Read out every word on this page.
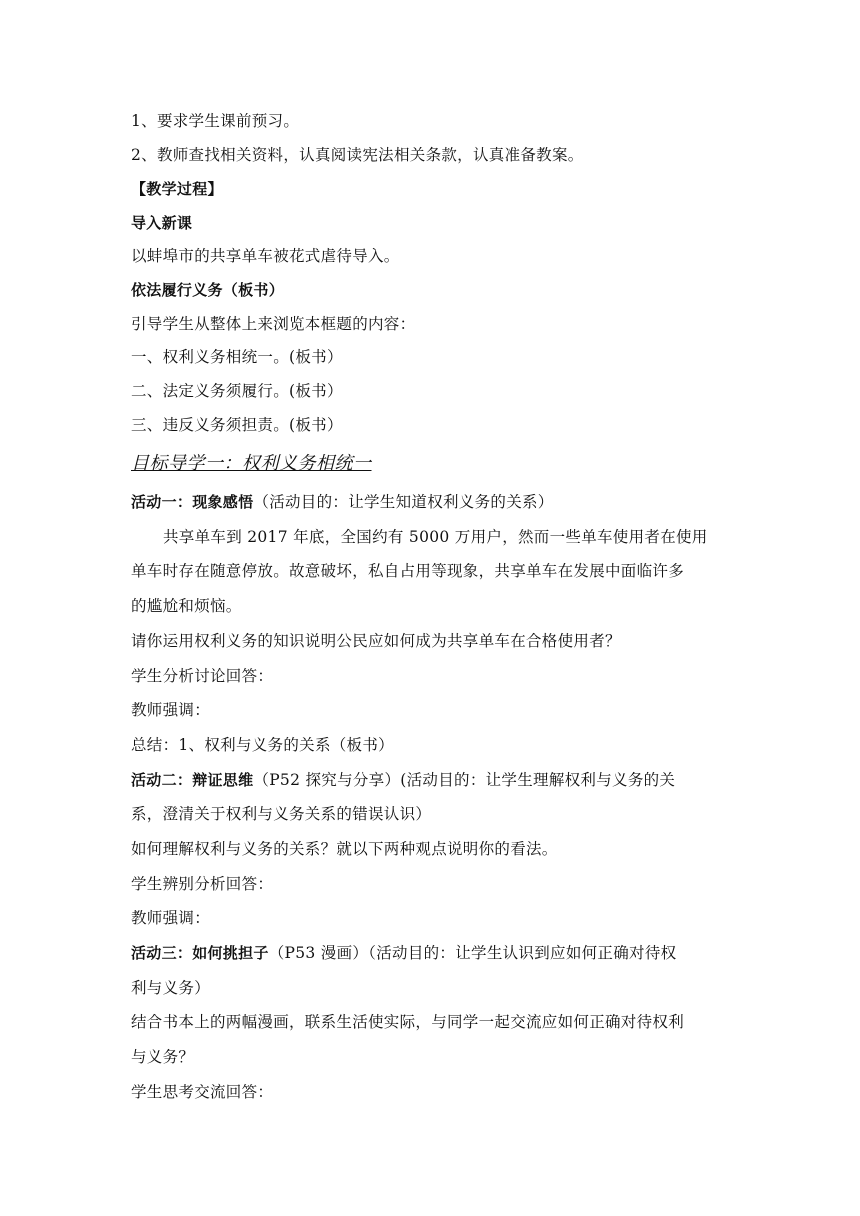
1、要求学生课前预习。
2、教师查找相关资料，认真阅读宪法相关条款，认真准备教案。
【教学过程】
导入新课
以蚌埠市的共享单车被花式虐待导入。
依法履行义务（板书）
引导学生从整体上来浏览本框题的内容：
一、权利义务相统一。(板书）
二、法定义务须履行。(板书）
三、违反义务须担责。(板书）
目标导学一：权利义务相统一
活动一：现象感悟（活动目的：让学生知道权利义务的关系）
共享单车到 2017 年底，全国约有 5000 万用户，然而一些单车使用者在使用
单车时存在随意停放。故意破坏，私自占用等现象，共享单车在发展中面临许多
的尴尬和烦恼。
请你运用权利义务的知识说明公民应如何成为共享单车在合格使用者？
学生分析讨论回答：
教师强调：
总结：1、权利与义务的关系（板书）
活动二：辩证思维（P52 探究与分享）(活动目的：让学生理解权利与义务的关
系，澄清关于权利与义务关系的错误认识）
如何理解权利与义务的关系？就以下两种观点说明你的看法。
学生辨别分析回答：
教师强调：
活动三：如何挑担子（P53 漫画）（活动目的：让学生认识到应如何正确对待权
利与义务）
结合书本上的两幅漫画，联系生活使实际，与同学一起交流应如何正确对待权利
与义务？
学生思考交流回答：
